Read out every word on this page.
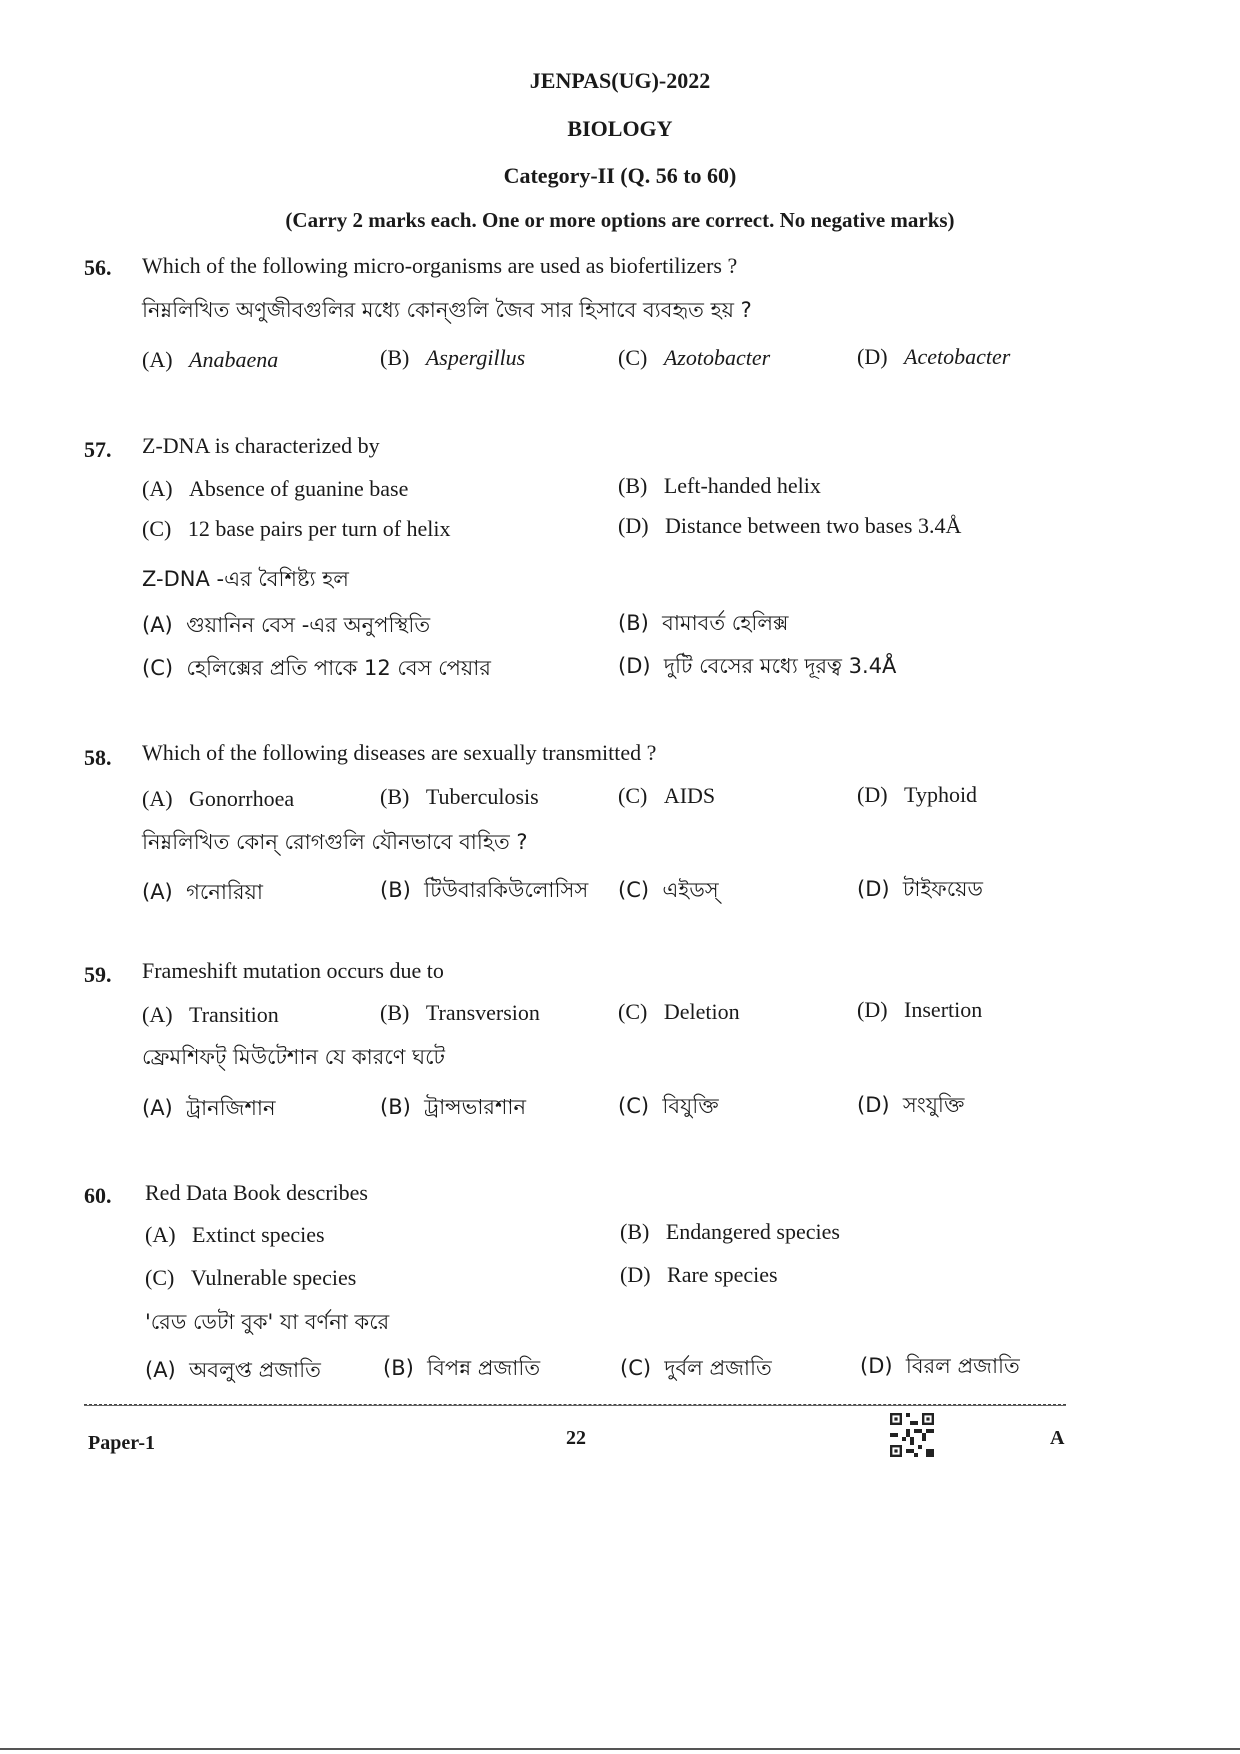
JENPAS(UG)-2022
BIOLOGY
Category-II (Q. 56 to 60)
(Carry 2 marks each. One or more options are correct. No negative marks)
56. Which of the following micro-organisms are used as biofertilizers ?
নিম্নলিখিত অণুজীবগুলির মধ্যে কোন্গুলি জৈব সার হিসাবে ব্যবহৃত হয় ?
(A) Anabaena	(B) Aspergillus	(C) Azotobacter	(D) Acetobacter
57. Z-DNA is characterized by
(A) Absence of guanine base	(B) Left-handed helix
(C) 12 base pairs per turn of helix	(D) Distance between two bases 3.4Å
Z-DNA -এর বৈশিষ্ট্য হল
(A) গুয়ানিন বেস -এর অনুপস্থিতি	(B) বামাবর্ত হেলিক্স
(C) হেলিক্সের প্রতি পাকে 12 বেস পেয়ার	(D) দুটি বেসের মধ্যে দূরত্ব 3.4Å
58. Which of the following diseases are sexually transmitted ?
(A) Gonorrhoea	(B) Tuberculosis	(C) AIDS	(D) Typhoid
নিম্নলিখিত কোন্ রোগগুলি যৌনভাবে বাহিত ?
(A) গনোরিয়া	(B) টিউবারকিউলোসিস (C) এইডস্	(D) টাইফয়েড
59. Frameshift mutation occurs due to
(A) Transition	(B) Transversion	(C) Deletion	(D) Insertion
ফ্রেমশিফট্ মিউটেশান যে কারণে ঘটে
(A) ট্রানজিশান	(B) ট্রান্সভারশান	(C) বিযুক্তি	(D) সংযুক্তি
60. Red Data Book describes
(A) Extinct species	(B) Endangered species
(C) Vulnerable species	(D) Rare species
'রেড ডেটা বুক' যা বর্ণনা করে
(A) অবলুপ্ত প্রজাতি	(B) বিপন্ন প্রজাতি	(C) দুর্বল প্রজাতি	(D) বিরল প্রজাতি
Paper-1	22	A
